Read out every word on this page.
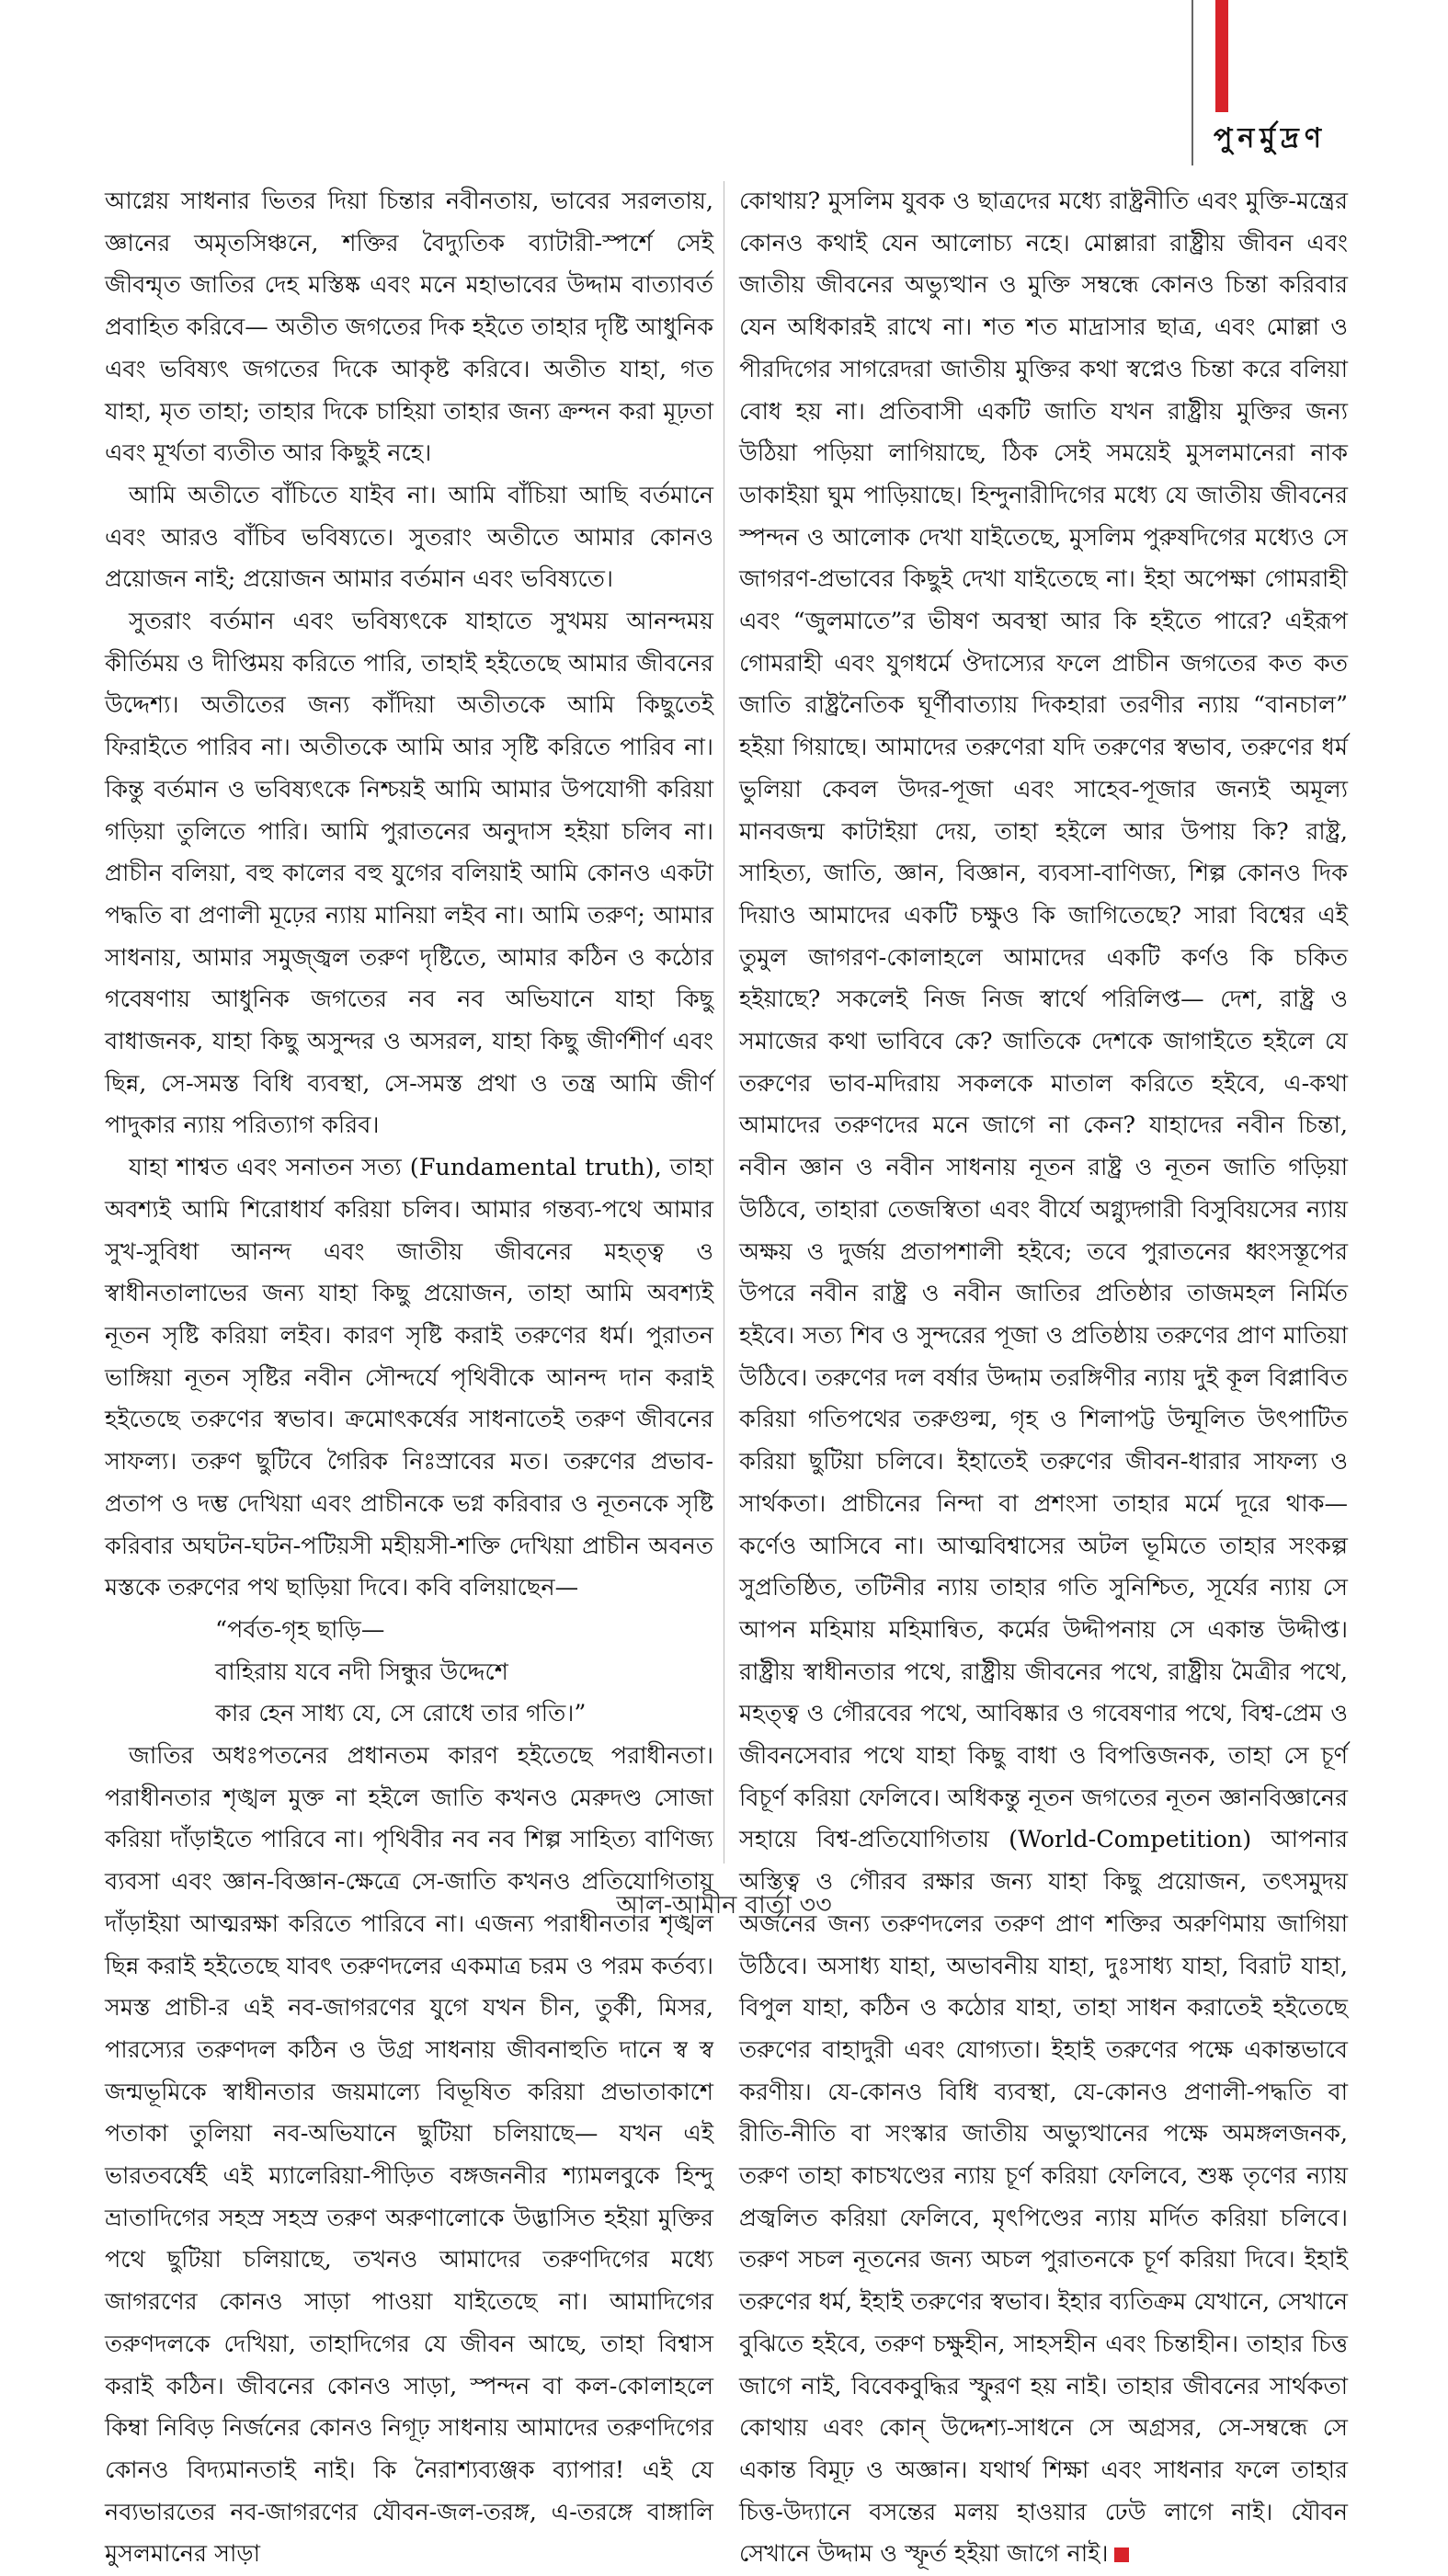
পুনর্মুদ্রণ

আগ্নেয় সাধনার ভিতর দিয়া চিন্তার নবীনতায়, ভাবের সরলতায়, জ্ঞানের অমৃতসিঞ্চনে, শক্তির বৈদ্যুতিক ব্যাটারী-স্পর্শে সেই জীবন্মৃত জাতির দেহ মস্তিষ্ক এবং মনে মহাভাবের উদ্দাম বাত্যাবর্ত প্রবাহিত করিবে— অতীত জগতের দিক হইতে তাহার দৃষ্টি আধুনিক এবং ভবিষ্যৎ জগতের দিকে আকৃষ্ট করিবে। অতীত যাহা, গত যাহা, মৃত তাহা; তাহার দিকে চাহিয়া তাহার জন্য ক্রন্দন করা মূঢ়তা এবং মূর্খতা ব্যতীত আর কিছুই নহে।

আমি অতীতে বাঁচিতে যাইব না। আমি বাঁচিয়া আছি বর্তমানে এবং আরও বাঁচিব ভবিষ্যতে। সুতরাং অতীতে আমার কোনও প্রয়োজন নাই; প্রয়োজন আমার বর্তমান এবং ভবিষ্যতে।

সুতরাং বর্তমান এবং ভবিষ্যৎকে যাহাতে সুখময় আনন্দময় কীর্তিময় ও দীপ্তিময় করিতে পারি, তাহাই হইতেছে আমার জীবনের উদ্দেশ্য। অতীতের জন্য কাঁদিয়া অতীতকে আমি কিছুতেই ফিরাইতে পারিব না। অতীতকে আমি আর সৃষ্টি করিতে পারিব না। কিন্তু বর্তমান ও ভবিষ্যৎকে নিশ্চয়ই আমি আমার উপযোগী করিয়া গড়িয়া তুলিতে পারি। আমি পুরাতনের অনুদাস হইয়া চলিব না। প্রাচীন বলিয়া, বহু কালের বহু যুগের বলিয়াই আমি কোনও একটা পদ্ধতি বা প্রণালী মূঢ়ের ন্যায় মানিয়া লইব না। আমি তরুণ; আমার সাধনায়, আমার সমুজ্জ্বল তরুণ দৃষ্টিতে, আমার কঠিন ও কঠোর গবেষণায় আধুনিক জগতের নব নব অভিযানে যাহা কিছু বাধাজনক, যাহা কিছু অসুন্দর ও অসরল, যাহা কিছু জীর্ণশীর্ণ এবং ছিন্ন, সে-সমস্ত বিধি ব্যবস্থা, সে-সমস্ত প্রথা ও তন্ত্র আমি জীর্ণ পাদুকার ন্যায় পরিত্যাগ করিব।

যাহা শাশ্বত এবং সনাতন সত্য (Fundamental truth), তাহা অবশ্যই আমি শিরোধার্য করিয়া চলিব। আমার গন্তব্য-পথে আমার সুখ-সুবিধা আনন্দ এবং জাতীয় জীবনের মহত্ত্ব ও স্বাধীনতালাভের জন্য যাহা কিছু প্রয়োজন, তাহা আমি অবশ্যই নূতন সৃষ্টি করিয়া লইব। কারণ সৃষ্টি করাই তরুণের ধর্ম। পুরাতন ভাঙ্গিয়া নূতন সৃষ্টির নবীন সৌন্দর্যে পৃথিবীকে আনন্দ দান করাই হইতেছে তরুণের স্বভাব। ক্রমোৎকর্ষের সাধনাতেই তরুণ জীবনের সাফল্য। তরুণ ছুটিবে গৈরিক নিঃস্রাবের মত। তরুণের প্রভাব-প্রতাপ ও দম্ভ দেখিয়া এবং প্রাচীনকে ভগ্ন করিবার ও নূতনকে সৃষ্টি করিবার অঘটন-ঘটন-পটিয়সী মহীয়সী-শক্তি দেখিয়া প্রাচীন অবনত মস্তকে তরুণের পথ ছাড়িয়া দিবে। কবি বলিয়াছেন—

“পর্বত-গৃহ ছাড়ি—
বাহিরায় যবে নদী সিন্ধুর উদ্দেশে
কার হেন সাধ্য যে, সে রোধে তার গতি।”

জাতির অধঃপতনের প্রধানতম কারণ হইতেছে পরাধীনতা। পরাধীনতার শৃঙ্খল মুক্ত না হইলে জাতি কখনও মেরুদণ্ড সোজা করিয়া দাঁড়াইতে পারিবে না। পৃথিবীর নব নব শিল্প সাহিত্য বাণিজ্য ব্যবসা এবং জ্ঞান-বিজ্ঞান-ক্ষেত্রে সে-জাতি কখনও প্রতিযোগিতায় দাঁড়াইয়া আত্মরক্ষা করিতে পারিবে না। এজন্য পরাধীনতার শৃঙ্খল ছিন্ন করাই হইতেছে যাবৎ তরুণদলের একমাত্র চরম ও পরম কর্তব্য। সমস্ত প্রাচী-র এই নব-জাগরণের যুগে যখন চীন, তুর্কী, মিসর, পারস্যের তরুণদল কঠিন ও উগ্র সাধনায় জীবনাহুতি দানে স্ব স্ব জন্মভূমিকে স্বাধীনতার জয়মাল্যে বিভূষিত করিয়া প্রভাতাকাশে পতাকা তুলিয়া নব-অভিযানে ছুটিয়া চলিয়াছে— যখন এই ভারতবর্ষেই এই ম্যালেরিয়া-পীড়িত বঙ্গজননীর শ্যামলবুকে হিন্দু ভ্রাতাদিগের সহস্র সহস্র তরুণ অরুণালোকে উদ্ভাসিত হইয়া মুক্তির পথে ছুটিয়া চলিয়াছে, তখনও আমাদের তরুণদিগের মধ্যে জাগরণের কোনও সাড়া পাওয়া যাইতেছে না। আমাদিগের তরুণদলকে দেখিয়া, তাহাদিগের যে জীবন আছে, তাহা বিশ্বাস করাই কঠিন। জীবনের কোনও সাড়া, স্পন্দন বা কল-কোলাহলে কিম্বা নিবিড় নির্জনের কোনও নিগূঢ় সাধনায় আমাদের তরুণদিগের কোনও বিদ্যমানতাই নাই। কি নৈরাশ্যব্যঞ্জক ব্যাপার! এই যে নব্যভারতের নব-জাগরণের যৌবন-জল-তরঙ্গ, এ-তরঙ্গে বাঙ্গালি মুসলমানের সাড়া

কোথায়? মুসলিম যুবক ও ছাত্রদের মধ্যে রাষ্ট্রনীতি এবং মুক্তি-মন্ত্রের কোনও কথাই যেন আলোচ্য নহে। মোল্লারা রাষ্ট্রীয় জীবন এবং জাতীয় জীবনের অভ্যুত্থান ও মুক্তি সম্বন্ধে কোনও চিন্তা করিবার যেন অধিকারই রাখে না। শত শত মাদ্রাসার ছাত্র, এবং মোল্লা ও পীরদিগের সাগরেদরা জাতীয় মুক্তির কথা স্বপ্নেও চিন্তা করে বলিয়া বোধ হয় না। প্রতিবাসী একটি জাতি যখন রাষ্ট্রীয় মুক্তির জন্য উঠিয়া পড়িয়া লাগিয়াছে, ঠিক সেই সময়েই মুসলমানেরা নাক ডাকাইয়া ঘুম পাড়িয়াছে। হিন্দুনারীদিগের মধ্যে যে জাতীয় জীবনের স্পন্দন ও আলোক দেখা যাইতেছে, মুসলিম পুরুষদিগের মধ্যেও সে জাগরণ-প্রভাবের কিছুই দেখা যাইতেছে না। ইহা অপেক্ষা গোমরাহী এবং “জুলমাতে”র ভীষণ অবস্থা আর কি হইতে পারে? এইরূপ গোমরাহী এবং যুগধর্মে ঔদাস্যের ফলে প্রাচীন জগতের কত কত জাতি রাষ্ট্রনৈতিক ঘূর্ণীবাত্যায় দিকহারা তরণীর ন্যায় “বানচাল” হইয়া গিয়াছে। আমাদের তরুণেরা যদি তরুণের স্বভাব, তরুণের ধর্ম ভুলিয়া কেবল উদর-পূজা এবং সাহেব-পূজার জন্যই অমূল্য মানবজন্ম কাটাইয়া দেয়, তাহা হইলে আর উপায় কি? রাষ্ট্র, সাহিত্য, জাতি, জ্ঞান, বিজ্ঞান, ব্যবসা-বাণিজ্য, শিল্প কোনও দিক দিয়াও আমাদের একটি চক্ষুও কি জাগিতেছে? সারা বিশ্বের এই তুমুল জাগরণ-কোলাহলে আমাদের একটি কর্ণও কি চকিত হইয়াছে? সকলেই নিজ নিজ স্বার্থে পরিলিপ্ত— দেশ, রাষ্ট্র ও সমাজের কথা ভাবিবে কে? জাতিকে দেশকে জাগাইতে হইলে যে তরুণের ভাব-মদিরায় সকলকে মাতাল করিতে হইবে, এ-কথা আমাদের তরুণদের মনে জাগে না কেন? যাহাদের নবীন চিন্তা, নবীন জ্ঞান ও নবীন সাধনায় নূতন রাষ্ট্র ও নূতন জাতি গড়িয়া উঠিবে, তাহারা তেজস্বিতা এবং বীর্যে অগ্ন্যুদ্গারী বিসুবিয়সের ন্যায় অক্ষয় ও দুর্জয় প্রতাপশালী হইবে; তবে পুরাতনের ধ্বংসস্তূপের উপরে নবীন রাষ্ট্র ও নবীন জাতির প্রতিষ্ঠার তাজমহল নির্মিত হইবে। সত্য শিব ও সুন্দরের পূজা ও প্রতিষ্ঠায় তরুণের প্রাণ মাতিয়া উঠিবে। তরুণের দল বর্ষার উদ্দাম তরঙ্গিণীর ন্যায় দুই কূল বিপ্লাবিত করিয়া গতিপথের তরুগুল্ম, গৃহ ও শিলাপট্ট উন্মূলিত উৎপাটিত করিয়া ছুটিয়া চলিবে। ইহাতেই তরুণের জীবন-ধারার সাফল্য ও সার্থকতা। প্রাচীনের নিন্দা বা প্রশংসা তাহার মর্মে দূরে থাক— কর্ণেও আসিবে না। আত্মবিশ্বাসের অটল ভূমিতে তাহার সংকল্প সুপ্রতিষ্ঠিত, তটিনীর ন্যায় তাহার গতি সুনিশ্চিত, সূর্যের ন্যায় সে আপন মহিমায় মহিমান্বিত, কর্মের উদ্দীপনায় সে একান্ত উদ্দীপ্ত। রাষ্ট্রীয় স্বাধীনতার পথে, রাষ্ট্রীয় জীবনের পথে, রাষ্ট্রীয় মৈত্রীর পথে, মহত্ত্ব ও গৌরবের পথে, আবিষ্কার ও গবেষণার পথে, বিশ্ব-প্রেম ও জীবনসেবার পথে যাহা কিছু বাধা ও বিপত্তিজনক, তাহা সে চূর্ণ বিচূর্ণ করিয়া ফেলিবে। অধিকন্তু নূতন জগতের নূতন জ্ঞানবিজ্ঞানের সহায়ে বিশ্ব-প্রতিযোগিতায় (World-Competition) আপনার অস্তিত্ব ও গৌরব রক্ষার জন্য যাহা কিছু প্রয়োজন, তৎসমুদয় অর্জনের জন্য তরুণদলের তরুণ প্রাণ শক্তির অরুণিমায় জাগিয়া উঠিবে। অসাধ্য যাহা, অভাবনীয় যাহা, দুঃসাধ্য যাহা, বিরাট যাহা, বিপুল যাহা, কঠিন ও কঠোর যাহা, তাহা সাধন করাতেই হইতেছে তরুণের বাহাদুরী এবং যোগ্যতা। ইহাই তরুণের পক্ষে একান্তভাবে করণীয়। যে-কোনও বিধি ব্যবস্থা, যে-কোনও প্রণালী-পদ্ধতি বা রীতি-নীতি বা সংস্কার জাতীয় অভ্যুত্থানের পক্ষে অমঙ্গলজনক, তরুণ তাহা কাচখণ্ডের ন্যায় চূর্ণ করিয়া ফেলিবে, শুষ্ক তৃণের ন্যায় প্রজ্বলিত করিয়া ফেলিবে, মৃৎপিণ্ডের ন্যায় মর্দিত করিয়া চলিবে। তরুণ সচল নূতনের জন্য অচল পুরাতনকে চূর্ণ করিয়া দিবে। ইহাই তরুণের ধর্ম, ইহাই তরুণের স্বভাব। ইহার ব্যতিক্রম যেখানে, সেখানে বুঝিতে হইবে, তরুণ চক্ষুহীন, সাহসহীন এবং চিন্তাহীন। তাহার চিত্ত জাগে নাই, বিবেকবুদ্ধির স্ফুরণ হয় নাই। তাহার জীবনের সার্থকতা কোথায় এবং কোন্ উদ্দেশ্য-সাধনে সে অগ্রসর, সে-সম্বন্ধে সে একান্ত বিমূঢ় ও অজ্ঞান। যথার্থ শিক্ষা এবং সাধনার ফলে তাহার চিত্ত-উদ্যানে বসন্তের মলয় হাওয়ার ঢেউ লাগে নাই। যৌবন সেখানে উদ্দাম ও স্ফূর্ত হইয়া জাগে নাই।

আল-আমীন বার্তা ৩৩
